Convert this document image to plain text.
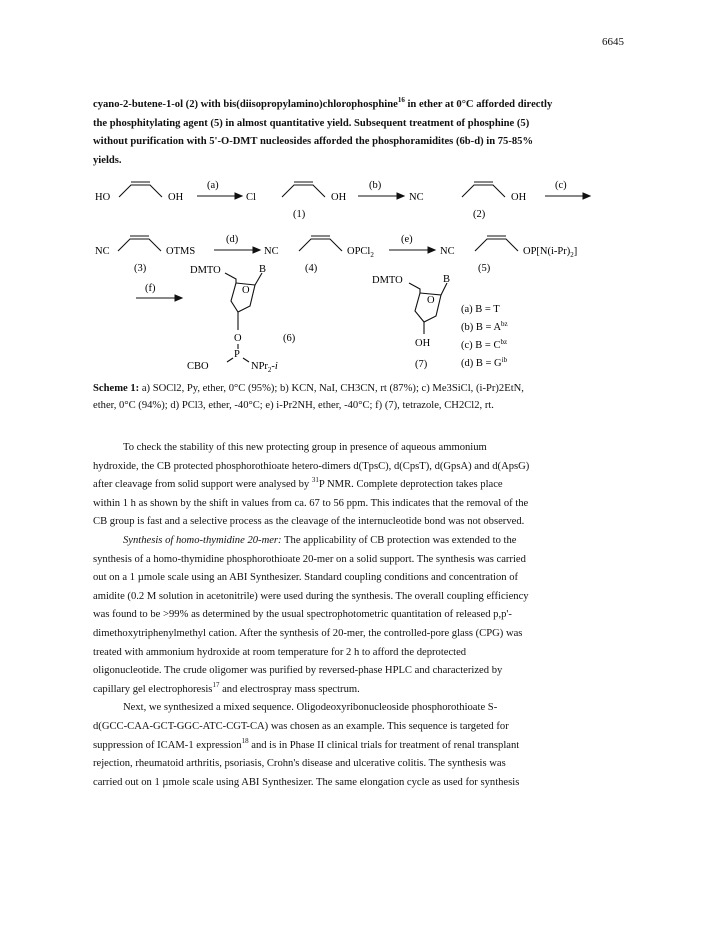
6645

cyano-2-butene-1-ol (2) with bis(diisopropylamino)chlorophosphine$^{16}$ in ether at 0°C afforded directly

the phosphitylating agent (5) in almost quantitative yield. Subsequent treatment of phosphine (5)

without purification with 5'-O-DMT nucleosides afforded the phosphoramidites (6b-d) in 75-85%

yields.

HO	OH
(a)
Cl	OH
(b)
NC	OH
(c)
(1)	(2)
NC	OTMS
(d)
NC	OPCl$_2$
(e)
NC	$OP[N(i-Pr)_2]$
(3)	(4)	(5)
(f)
DMTO	B
O
O
P
(6)
CBO	NPr$_2$-i
DMTO	B
O
OH
(7)
(a) B = T
(b) $B = A^{bz}$
(c) $B = C^{bz}$
(d) $B = G^{ib}$

Scheme 1: a) SOCl2, Py, ether, 0°C (95%); b) KCN, NaI, CH3CN, rt (87%); c) Me3SiCl, (i-Pr)2EtN,

ether, 0°C (94%); d) PCl3, ether, -40°C; e) i-Pr2NH, ether, -40°C; f) (7), tetrazole, CH2Cl2, rt.

To check the stability of this new protecting group in presence of aqueous ammonium

hydroxide, the CB protected phosphorothioate hetero-dimers d(TpsC), d(CpsT), d(GpsA) and d(ApsG)

after cleavage from solid support were analysed by $^{31}$P NMR. Complete deprotection takes place

within 1 h as shown by the shift in values from ca. 67 to 56 ppm. This indicates that the removal of the

CB group is fast and a selective process as the cleavage of the internucleotide bond was not observed.

Synthesis of homo-thymidine 20-mer: The applicability of CB protection was extended to the

synthesis of a homo-thymidine phosphorothioate 20-mer on a solid support. The synthesis was carried

out on a 1 µmole scale using an ABI Synthesizer. Standard coupling conditions and concentration of

amidite (0.2 M solution in acetonitrile) were used during the synthesis. The overall coupling efficiency

was found to be >99% as determined by the usual spectrophotometric quantitation of released p,p'-

dimethoxytriphenylmethyl cation. After the synthesis of 20-mer, the controlled-pore glass (CPG) was

treated with ammonium hydroxide at room temperature for 2 h to afford the deprotected

oligonucleotide. The crude oligomer was purified by reversed-phase HPLC and characterized by

capillary gel electrophoresis$^{17}$ and electrospray mass spectrum.

Next, we synthesized a mixed sequence. Oligodeoxyribonucleoside phosphorothioate S-

d(GCC-CAA-GCT-GGC-ATC-CGT-CA) was chosen as an example. This sequence is targeted for

suppression of ICAM-1 expression$^{18}$ and is in Phase II clinical trials for treatment of renal transplant

rejection, rheumatoid arthritis, psoriasis, Crohn's disease and ulcerative colitis. The synthesis was

carried out on 1 µmole scale using ABI Synthesizer. The same elongation cycle as used for synthesis
